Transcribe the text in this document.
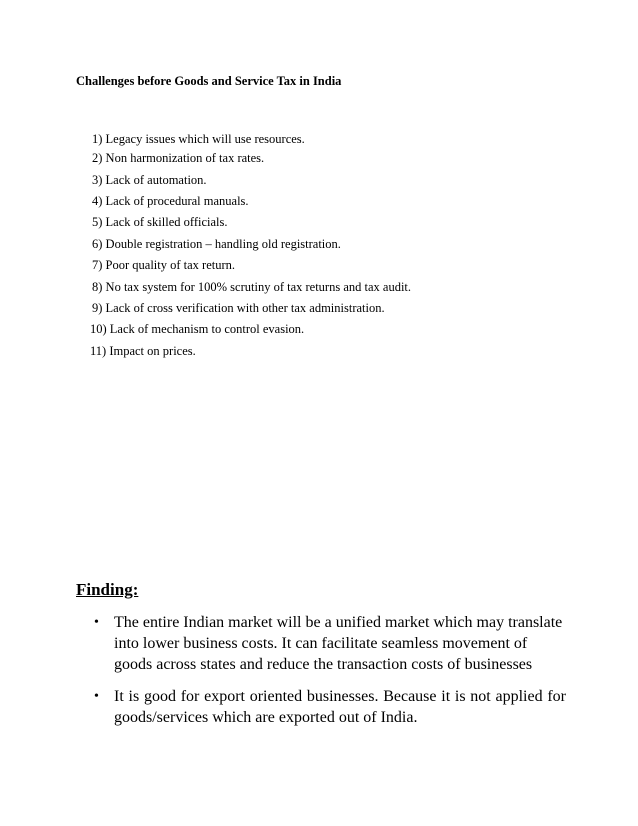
Challenges before Goods and Service Tax in India
1) Legacy issues which will use resources.
2) Non harmonization of tax rates.
3) Lack of automation.
4) Lack of procedural manuals.
5) Lack of skilled officials.
6) Double registration – handling old registration.
7) Poor quality of tax return.
8) No tax system for 100% scrutiny of tax returns and tax audit.
9) Lack of cross verification with other tax administration.
10) Lack of mechanism to control evasion.
11) Impact on prices.
Finding:
• The entire Indian market will be a unified market which may translate into lower business costs. It can facilitate seamless movement of goods across states and reduce the transaction costs of businesses
• It is good for export oriented businesses. Because it is not applied for goods/services which are exported out of India.
